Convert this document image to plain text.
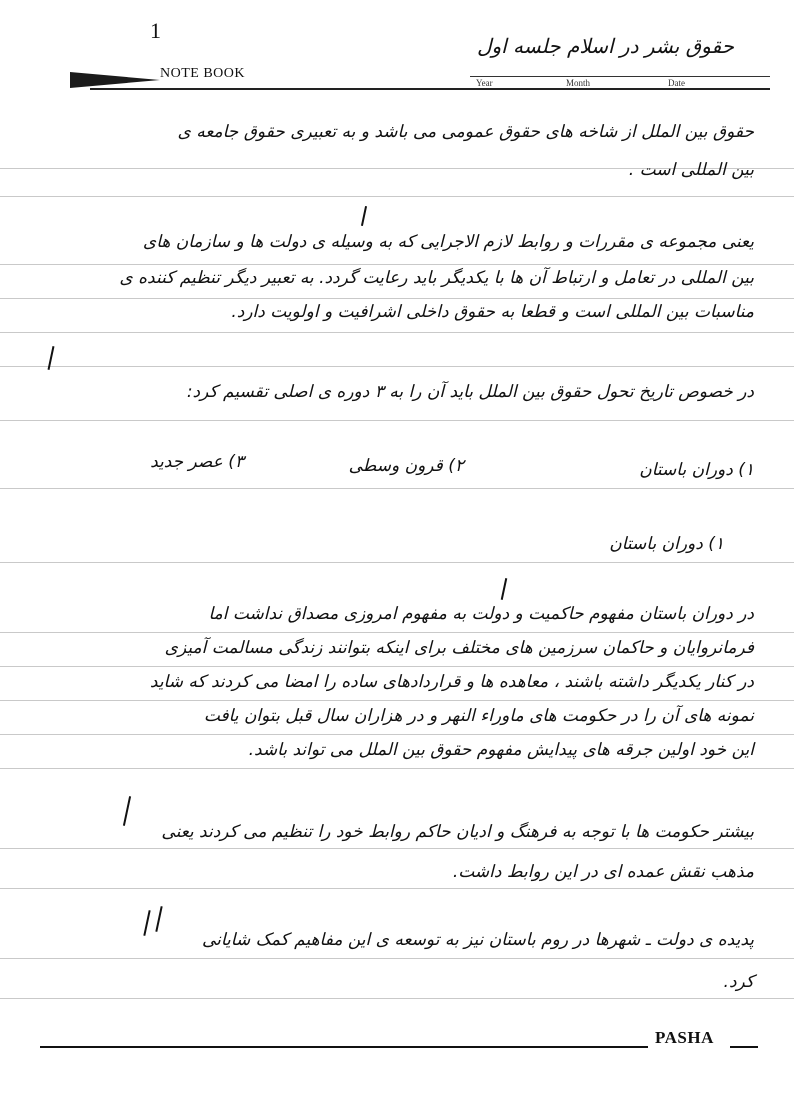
1
حقوق بشر در اسلام جلسه اول
NOTE BOOK
Year	Month	Date
حقوق بین الملل از شاخه های حقوق عمومی می باشد و به تعبیری حقوق جامعه ی
بین المللی است .
یعنی مجموعه ی مقررات و روابط لازم الاجرایی که به وسیله ی دولت ها و سازمان های
بین المللی در تعامل و ارتباط آن ها با یکدیگر باید رعایت گردد. به تعبیر دیگر تنظیم کننده ی
مناسبات بین المللی است و قطعا به حقوق داخلی اشرافیت و اولویت دارد.
در خصوص تاریخ تحول حقوق بین الملل باید آن را به ۳ دوره ی اصلی تقسیم کرد:
۱) دوران باستان
۲) قرون وسطی
۳) عصر جدید
۱) دوران باستان
در دوران باستان مفهوم حاکمیت و دولت به مفهوم امروزی مصداق نداشت اما
فرمانروایان و حاکمان سرزمین های مختلف برای اینکه بتوانند زندگی مسالمت آمیزی
در کنار یکدیگر داشته باشند ، معاهده ها و قراردادهای ساده را امضا می کردند که شاید
نمونه های آن را در حکومت های ماوراء النهر و در هزاران سال قبل بتوان یافت
این خود اولین جرقه های پیدایش مفهوم حقوق بین الملل می تواند باشد.
بیشتر حکومت ها با توجه به فرهنگ و ادیان حاکم روابط خود را تنظیم می کردند یعنی
مذهب نقش عمده ای در این روابط داشت.
پدیده ی دولت ـ شهرها در روم باستان نیز به توسعه ی این مفاهیم کمک شایانی
کرد.
PASHA
